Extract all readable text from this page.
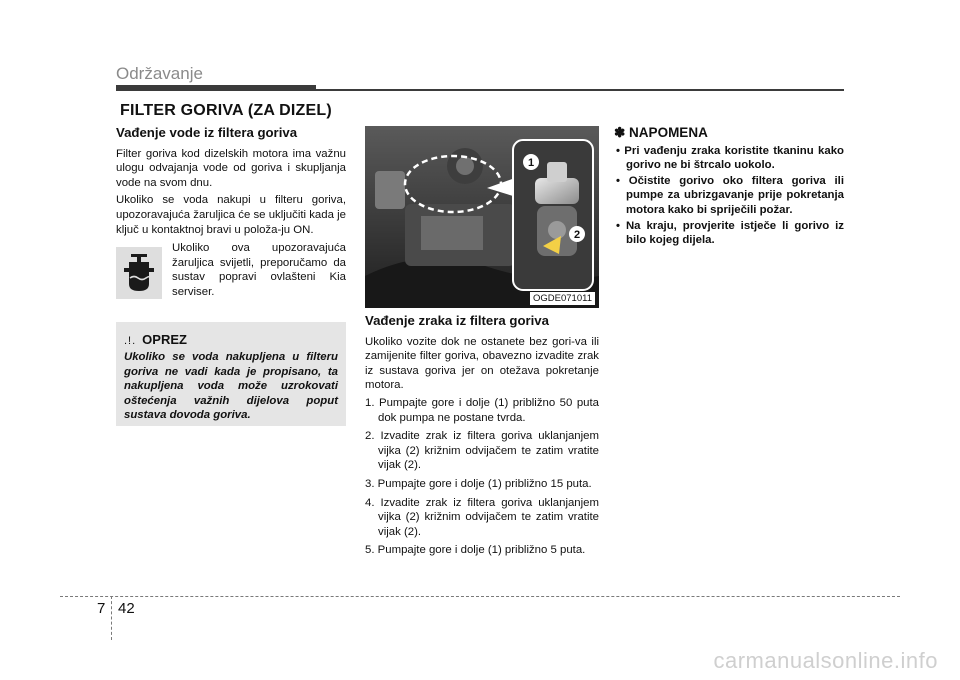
Održavanje
FILTER GORIVA (ZA DIZEL)
Vađenje vode iz filtera goriva

Filter goriva kod dizelskih motora ima važnu ulogu odvajanja vode od goriva i skupljanja vode na svom dnu.

Ukoliko se voda nakupi u filteru goriva, upozoravajuća žaruljica će se uključiti kada je ključ u kontaktnoj bravi u položa-ju ON.

Ukoliko ova upozoravajuća žaruljica svijetli, preporučamo da sustav popravi ovlašteni Kia serviser.
.!. OPREZ
Ukoliko se voda nakupljena u filteru goriva ne vadi kada je propisano, ta nakupljena voda može uzrokovati oštećenja važnih dijelova poput sustava dovoda goriva.
1
2
OGDE071011
Vađenje zraka iz filtera goriva

Ukoliko vozite dok ne ostanete bez gori-va ili zamijenite filter goriva, obavezno izvadite zrak iz sustava goriva jer on otežava pokretanje motora.

1. Pumpajte gore i dolje (1) približno 50 puta dok pumpa ne postane tvrda.
2. Izvadite zrak iz filtera goriva uklanjanjem vijka (2) križnim odvijačem te zatim vratite vijak (2).
3. Pumpajte gore i dolje (1) približno 15 puta.
4. Izvadite zrak iz filtera goriva uklanjanjem vijka (2) križnim odvijačem te zatim vratite vijak (2).
5. Pumpajte gore i dolje (1) približno 5 puta.
✽ NAPOMENA
• Pri vađenju zraka koristite tkaninu kako gorivo ne bi štrcalo uokolo.
• Očistite gorivo oko filtera goriva ili pumpe za ubrizgavanje prije pokretanja motora kako bi spriječili požar.
• Na kraju, provjerite istječe li gorivo iz bilo kojeg dijela.
7 42
carmanualsonline.info
